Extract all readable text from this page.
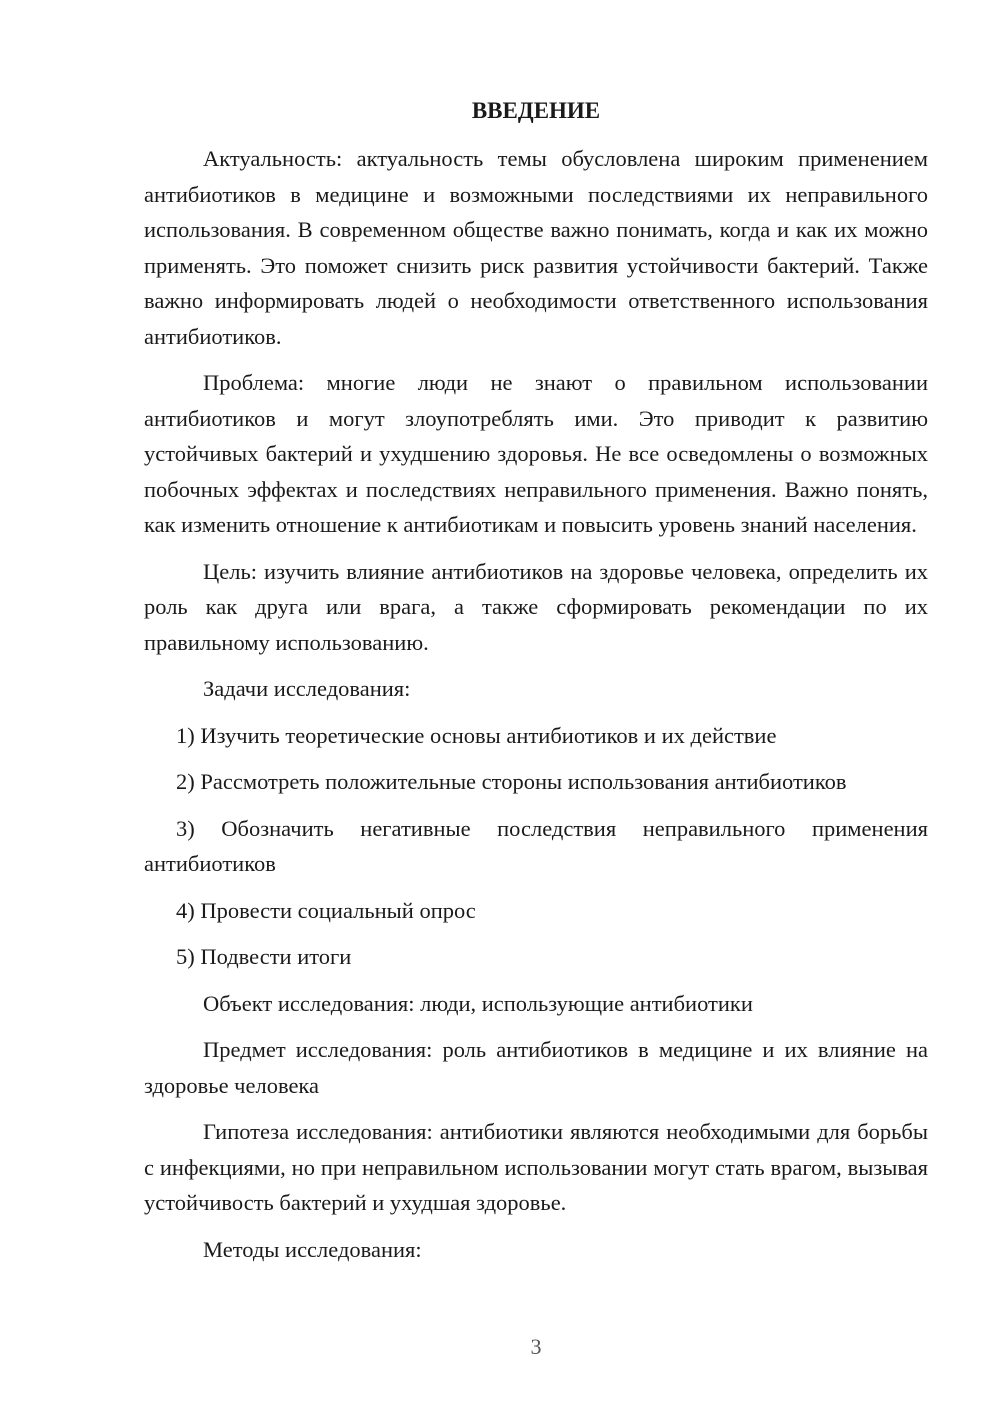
ВВЕДЕНИЕ

Актуальность: актуальность темы обусловлена широким применением антибиотиков в медицине и возможными последствиями их неправильного использования. В современном обществе важно понимать, когда и как их можно применять. Это поможет снизить риск развития устойчивости бактерий. Также важно информировать людей о необходимости ответственного использования антибиотиков.

Проблема: многие люди не знают о правильном использовании антибиотиков и могут злоупотреблять ими. Это приводит к развитию устойчивых бактерий и ухудшению здоровья. Не все осведомлены о возможных побочных эффектах и последствиях неправильного применения. Важно понять, как изменить отношение к антибиотикам и повысить уровень знаний населения.

Цель: изучить влияние антибиотиков на здоровье человека, определить их роль как друга или врага, а также сформировать рекомендации по их правильному использованию.

Задачи исследования:

1) Изучить теоретические основы антибиотиков и их действие

2) Рассмотреть положительные стороны использования антибиотиков

3) Обозначить негативные последствия неправильного применения антибиотиков

4) Провести социальный опрос

5) Подвести итоги

Объект исследования: люди, использующие антибиотики

Предмет исследования: роль антибиотиков в медицине и их влияние на здоровье человека

Гипотеза исследования: антибиотики являются необходимыми для борьбы с инфекциями, но при неправильном использовании могут стать врагом, вызывая устойчивость бактерий и ухудшая здоровье.

Методы исследования:

3
